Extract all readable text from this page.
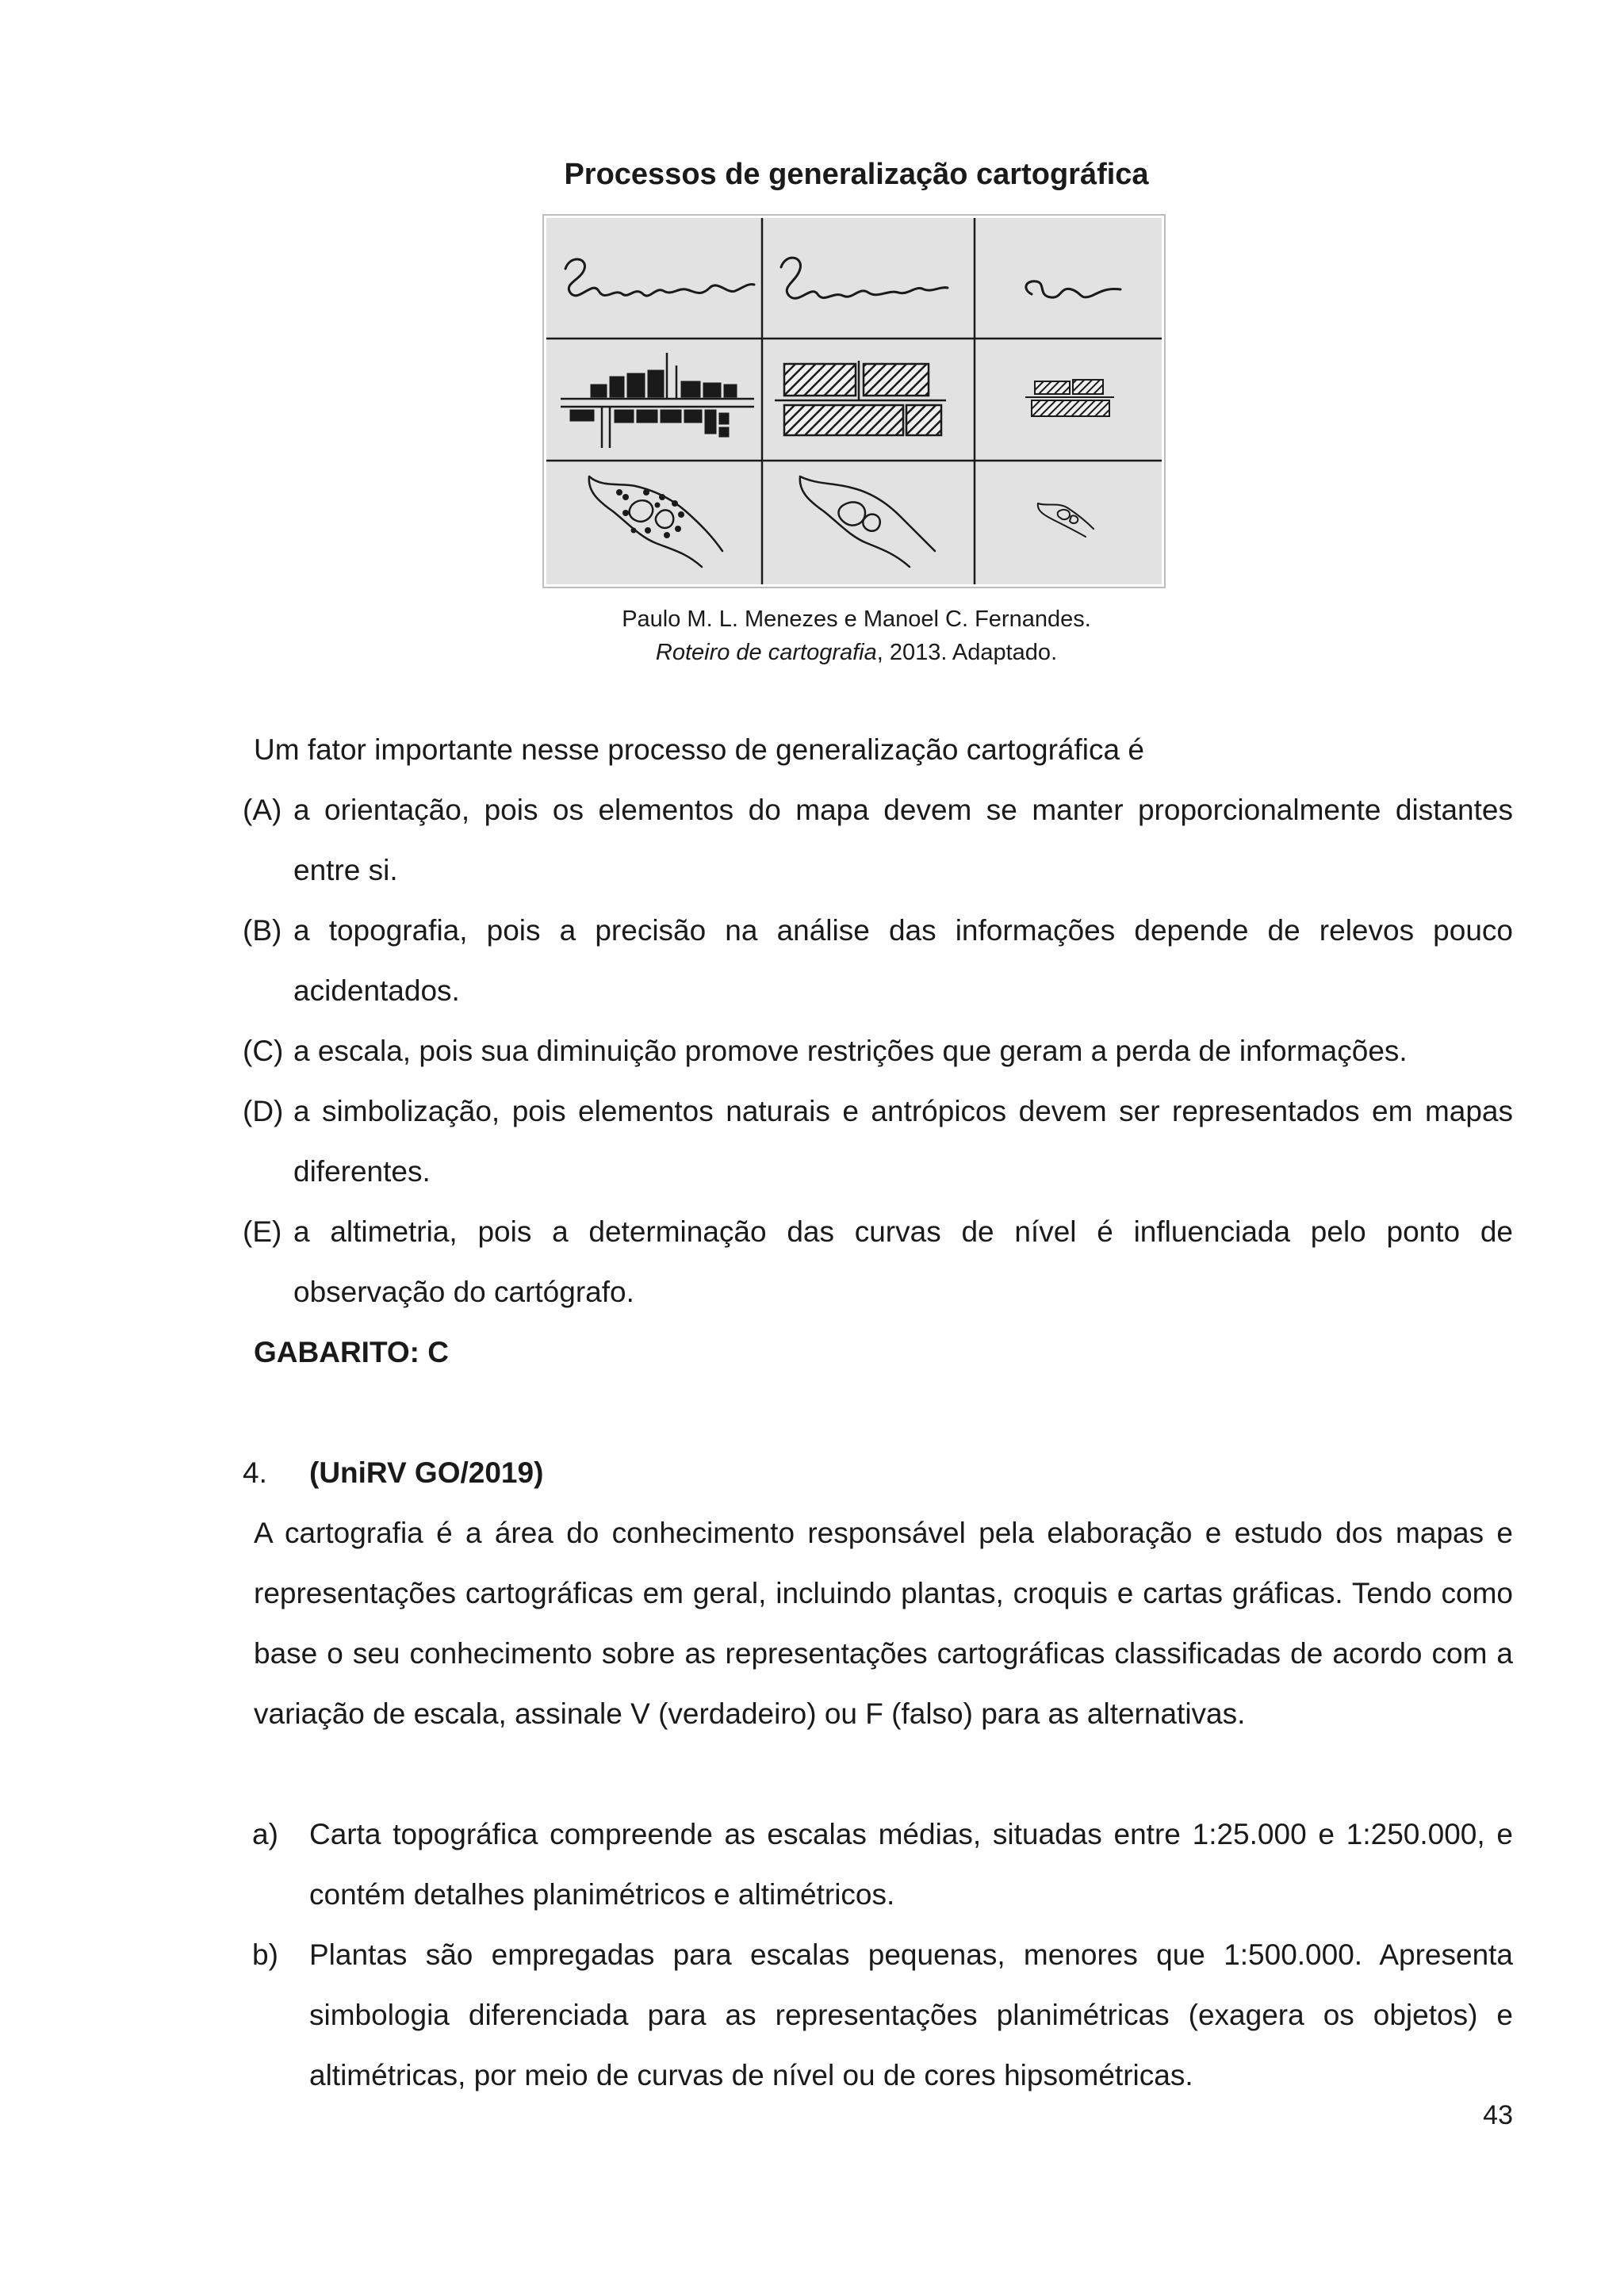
Processos de generalização cartográfica
Paulo M. L. Menezes e Manoel C. Fernandes.
Roteiro de cartografia, 2013. Adaptado.
Um fator importante nesse processo de generalização cartográfica é
(A) a orientação, pois os elementos do mapa devem se manter proporcionalmente distantes
entre si.
(B) a topografia, pois a precisão na análise das informações depende de relevos pouco
acidentados.
(C) a escala, pois sua diminuição promove restrições que geram a perda de informações.
(D) a simbolização, pois elementos naturais e antrópicos devem ser representados em mapas
diferentes.
(E) a altimetria, pois a determinação das curvas de nível é influenciada pelo ponto de
observação do cartógrafo.
GABARITO: C
4. (UniRV GO/2019)
A cartografia é a área do conhecimento responsável pela elaboração e estudo dos mapas e
representações cartográficas em geral, incluindo plantas, croquis e cartas gráficas. Tendo como
base o seu conhecimento sobre as representações cartográficas classificadas de acordo com a
variação de escala, assinale V (verdadeiro) ou F (falso) para as alternativas.
a) Carta topográfica compreende as escalas médias, situadas entre 1:25.000 e 1:250.000, e
contém detalhes planimétricos e altimétricos.
b) Plantas são empregadas para escalas pequenas, menores que 1:500.000. Apresenta
simbologia diferenciada para as representações planimétricas (exagera os objetos) e
altimétricas, por meio de curvas de nível ou de cores hipsométricas.
43
